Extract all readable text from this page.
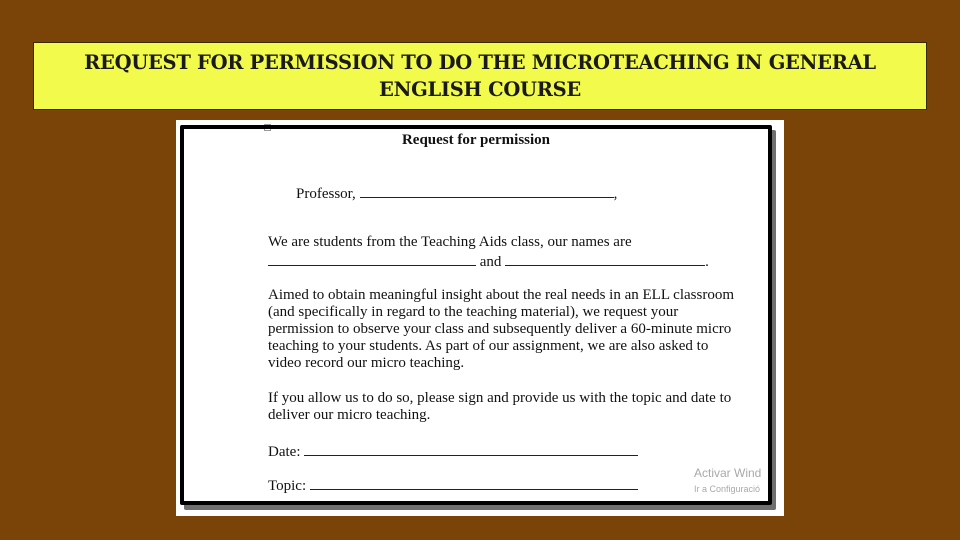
REQUEST FOR PERMISSION TO DO THE MICROTEACHING IN GENERAL ENGLISH COURSE
Request for permission
Professor,	,
We are students from the Teaching Aids class, our names are
and	.
Aimed to obtain meaningful insight about the real needs in an ELL classroom
(and specifically in regard to the teaching material), we request your
permission to observe your class and subsequently deliver a 60-minute micro
teaching to your students. As part of our assignment, we are also asked to
video record our micro teaching.
If you allow us to do so, please sign and provide us with the topic and date to
deliver our micro teaching.
Date:
Topic:
Activar Wind
Ir a Configuració
